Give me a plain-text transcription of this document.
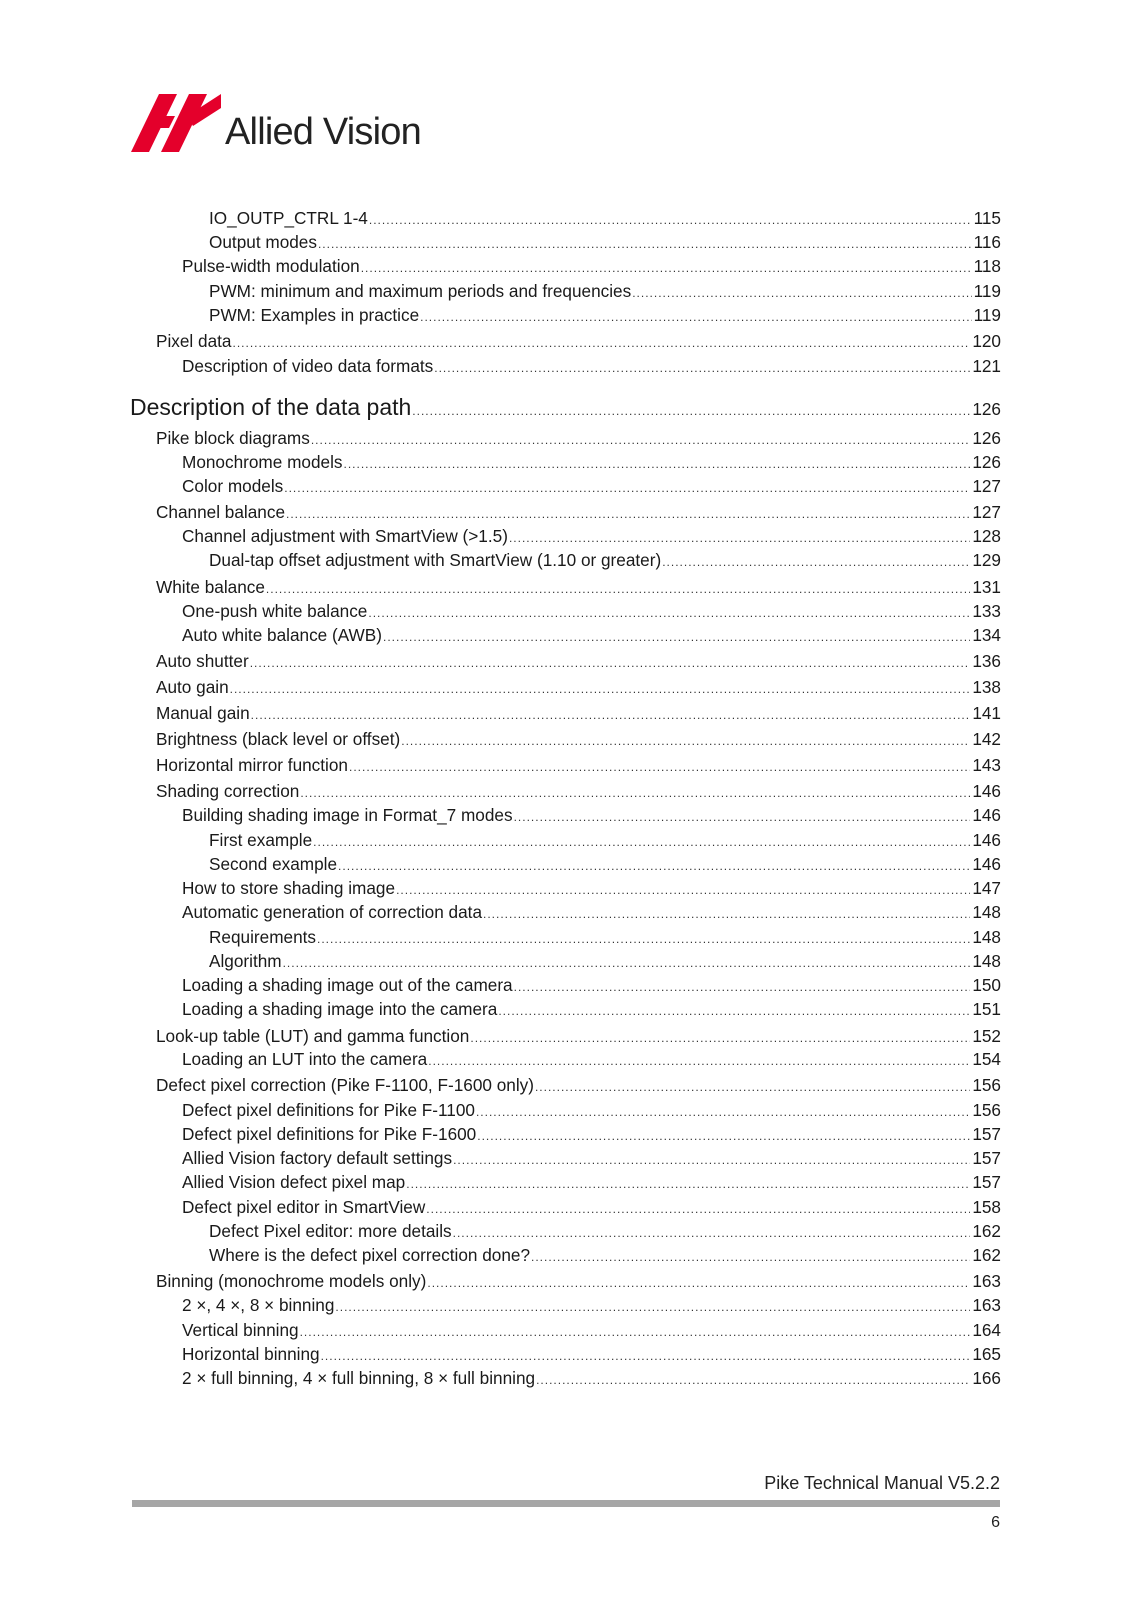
Allied Vision
IO_OUTP_CTRL 1-4 .....	115
Output modes .....	116
Pulse-width modulation .....	118
PWM: minimum and maximum periods and frequencies .....	119
PWM: Examples in practice .....	119
Pixel data .....	120
Description of video data formats .....	121
Description of the data path .....	126
Pike block diagrams .....	126
Monochrome models .....	126
Color models .....	127
Channel balance .....	127
Channel adjustment with SmartView (>1.5) .....	128
Dual-tap offset adjustment with SmartView (1.10 or greater) .....	129
White balance .....	131
One-push white balance .....	133
Auto white balance (AWB) .....	134
Auto shutter .....	136
Auto gain .....	138
Manual gain .....	141
Brightness (black level or offset) .....	142
Horizontal mirror function .....	143
Shading correction .....	146
Building shading image in Format_7 modes .....	146
First example .....	146
Second example .....	146
How to store shading image .....	147
Automatic generation of correction data .....	148
Requirements .....	148
Algorithm .....	148
Loading a shading image out of the camera .....	150
Loading a shading image into the camera .....	151
Look-up table (LUT) and gamma function .....	152
Loading an LUT into the camera .....	154
Defect pixel correction (Pike F-1100, F-1600 only) .....	156
Defect pixel definitions for Pike F-1100 .....	156
Defect pixel definitions for Pike F-1600 .....	157
Allied Vision factory default settings .....	157
Allied Vision defect pixel map .....	157
Defect pixel editor in SmartView .....	158
Defect Pixel editor: more details .....	162
Where is the defect pixel correction done? .....	162
Binning (monochrome models only) .....	163
2 ×, 4 ×, 8 × binning .....	163
Vertical binning .....	164
Horizontal binning .....	165
2 × full binning, 4 × full binning, 8 × full binning .....	166
Pike Technical Manual V5.2.2
6
